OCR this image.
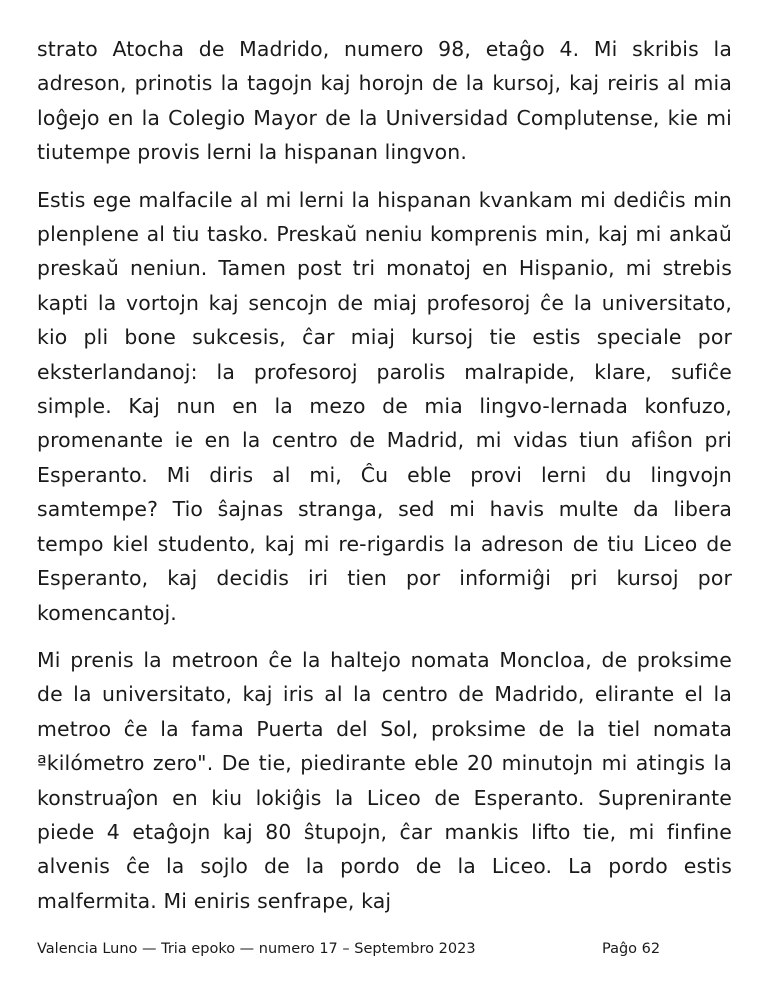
strato Atocha de Madrido, numero 98, etaĝo 4. Mi skribis la adreson, prinotis la tagojn kaj horojn de la kursoj, kaj reiris al mia loĝejo en la Colegio Mayor de la Universidad Complutense, kie mi tiutempe provis lerni la hispanan lingvon.

Estis ege malfacile al mi lerni la hispanan kvankam mi dediĉis min plenplene al tiu tasko. Preskaŭ neniu komprenis min, kaj mi ankaŭ preskaŭ neniun. Tamen post tri monatoj en Hispanio, mi strebis kapti la vortojn kaj sencojn de miaj profesoroj ĉe la universitato, kio pli bone sukcesis, ĉar miaj kursoj tie estis speciale por eksterlandanoj: la profesoroj parolis malrapide, klare, sufiĉe simple. Kaj nun en la mezo de mia lingvo-lernada konfuzo, promenante ie en la centro de Madrid, mi vidas tiun afiŝon pri Esperanto. Mi diris al mi, Ĉu eble provi lerni du lingvojn samtempe? Tio ŝajnas stranga, sed mi havis multe da libera tempo kiel studento, kaj mi re-rigardis la adreson de tiu Liceo de Esperanto, kaj decidis iri tien por informiĝi pri kursoj por komencantoj.

Mi prenis la metroon ĉe la haltejo nomata Moncloa, de proksime de la universitato, kaj iris al la centro de Madrido, elirante el la metroo ĉe la fama Puerta del Sol, proksime de la tiel nomata ªkilómetro zero". De tie, piedirante eble 20 minutojn mi atingis la konstruaĵon en kiu lokiĝis la Liceo de Esperanto. Suprenirante piede 4 etaĝojn kaj 80 ŝtupojn, ĉar mankis lifto tie, mi finfine alvenis ĉe la sojlo de la pordo de la Liceo. La pordo estis malfermita. Mi eniris senfrape, kaj

Valencia Luno — Tria epoko — numero 17 – Septembro 2023	Paĝo 62
